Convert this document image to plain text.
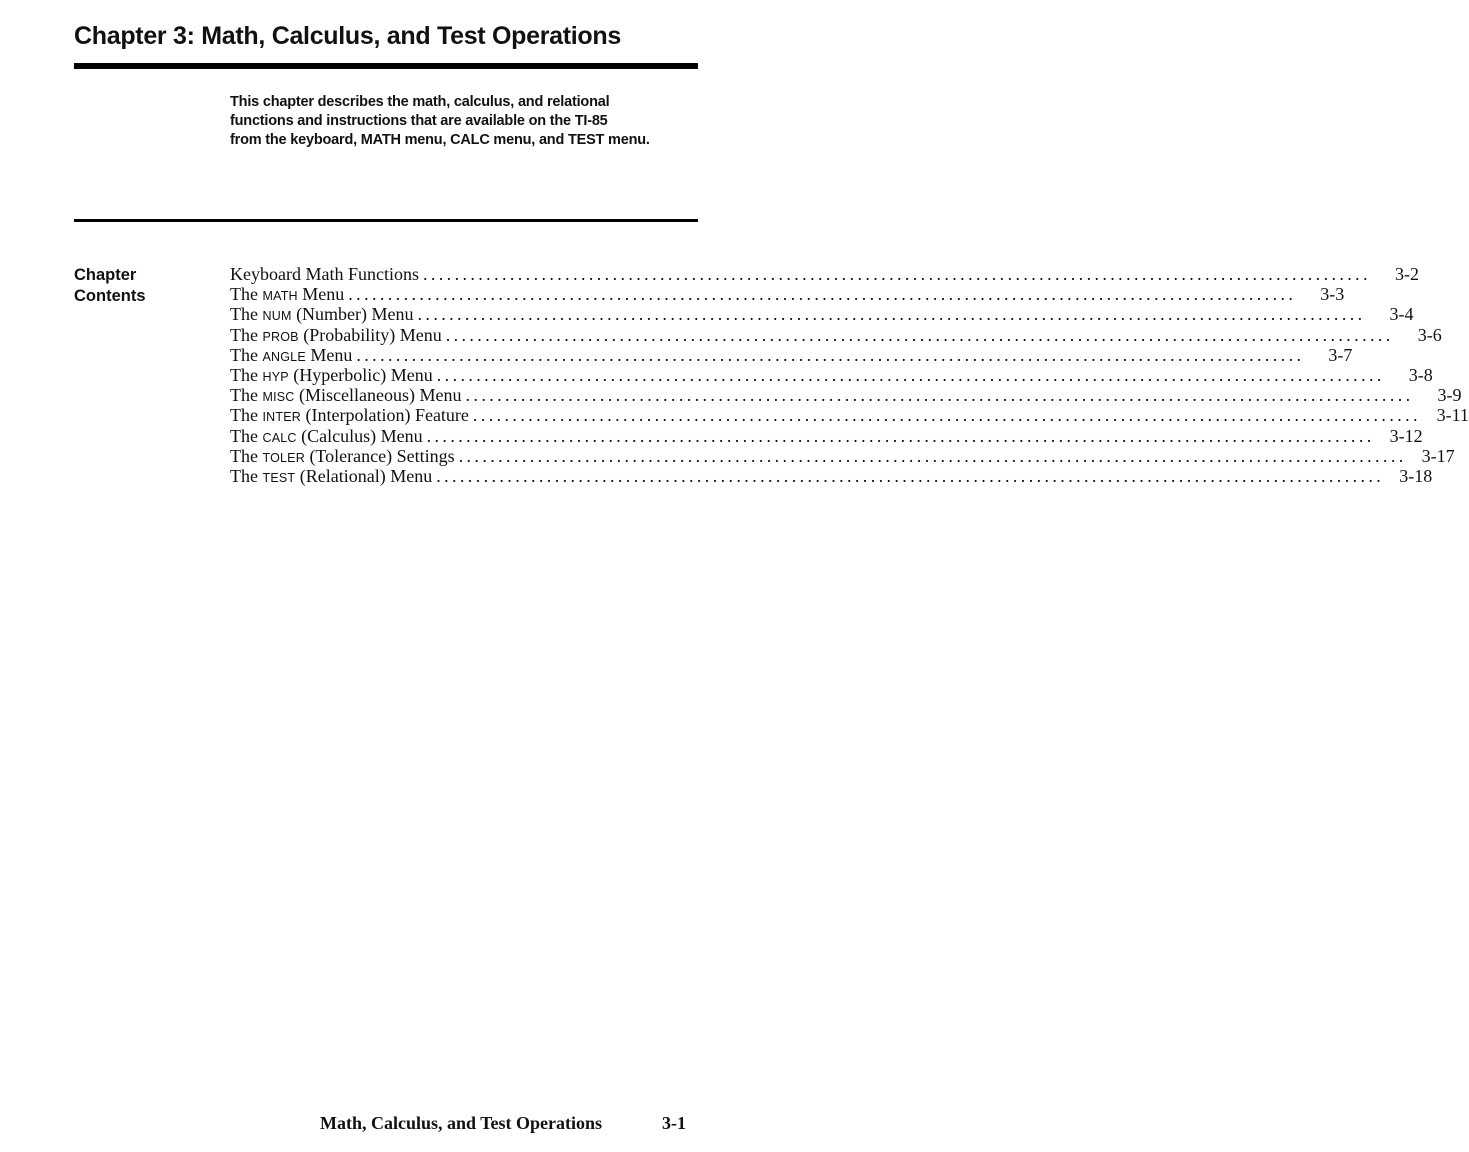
Chapter 3: Math, Calculus, and Test Operations
This chapter describes the math, calculus, and relational
functions and instructions that are available on the TI-85
from the keyboard, MATH menu, CALC menu, and TEST menu.
Chapter
Contents
Keyboard Math Functions ........................................................................................................................	3-2
The MATH Menu ........................................................................................................................	3-3
The NUM (Number) Menu ........................................................................................................................	3-4
The PROB (Probability) Menu ........................................................................................................................	3-6
The ANGLE Menu ........................................................................................................................	3-7
The HYP (Hyperbolic) Menu ........................................................................................................................	3-8
The MISC (Miscellaneous) Menu ........................................................................................................................	3-9
The INTER (Interpolation) Feature ........................................................................................................................ 3-11
The CALC (Calculus) Menu ........................................................................................................................ 3-12
The TOLER (Tolerance) Settings ........................................................................................................................ 3-17
The TEST (Relational) Menu ........................................................................................................................ 3-18
Math, Calculus, and Test Operations	3-1
